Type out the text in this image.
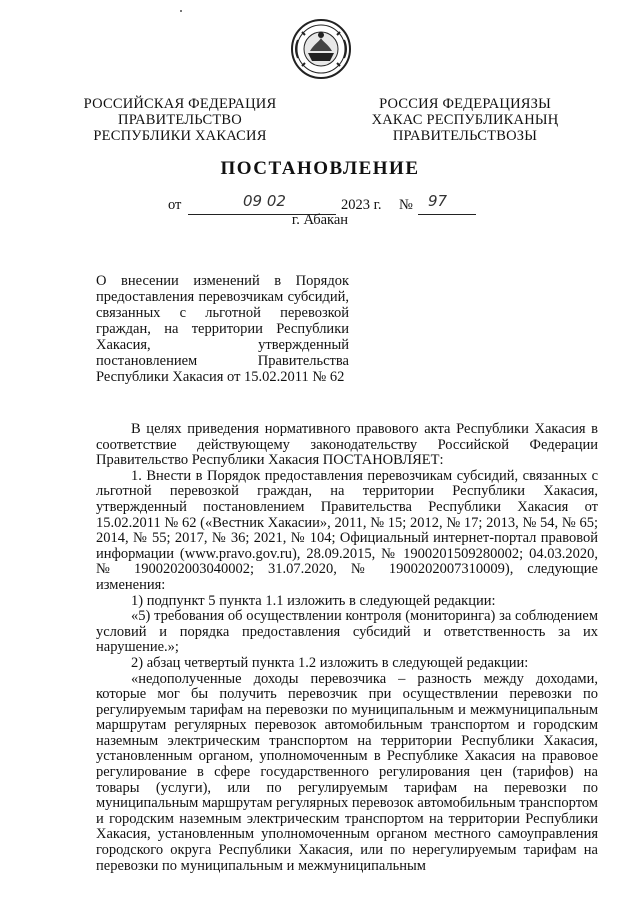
РОССИЙСКАЯ ФЕДЕРАЦИЯ

ПРАВИТЕЛЬСТВО

РЕСПУБЛИКИ ХАКАСИЯ

РОССИЯ ФЕДЕРАЦИЯЗЫ

ХАКАС РЕСПУБЛИКАНЫҢ

ПРАВИТЕЛЬСТВОЗЫ

ПОСТАНОВЛЕНИЕ
от	09 02	2023 г. № 97
г. Абакан

О внесении изменений в Порядок предоставления перевозчикам субсидий, связанных с льготной перевозкой граждан, на территории Республики Хакасия, утвержденный постановлением Правительства Республики Хакасия от 15.02.2011 № 62

В целях приведения нормативного правового акта Республики Хакасия в соответствие действующему законодательству Российской Федерации Правительство Республики Хакасия ПОСТАНОВЛЯЕТ:

1. Внести в Порядок предоставления перевозчикам субсидий, связанных с льготной перевозкой граждан, на территории Республики Хакасия, утвержденный постановлением Правительства Республики Хакасия от 15.02.2011 № 62 («Вестник Хакасии», 2011, № 15; 2012, № 17; 2013, № 54, № 65; 2014, № 55; 2017, № 36; 2021, № 104; Официальный интернет-портал правовой информации (www.pravo.gov.ru), 28.09.2015, № 1900201509280002; 04.03.2020, № 1900202003040002; 31.07.2020, № 1900202007310009), следующие изменения:

1) подпункт 5 пункта 1.1 изложить в следующей редакции:

«5) требования об осуществлении контроля (мониторинга) за соблюдением условий и порядка предоставления субсидий и ответственность за их нарушение.»;

2) абзац четвертый пункта 1.2 изложить в следующей редакции:

«недополученные доходы перевозчика – разность между доходами, которые мог бы получить перевозчик при осуществлении перевозки по регулируемым тарифам на перевозки по муниципальным и межмуниципальным маршрутам регулярных перевозок автомобильным транспортом и городским наземным электрическим транспортом на территории Республики Хакасия, установленным органом, уполномоченным в Республике Хакасия на правовое регулирование в сфере государственного регулирования цен (тарифов) на товары (услуги), или по регулируемым тарифам на перевозки по муниципальным маршрутам регулярных перевозок автомобильным транспортом и городским наземным электрическим транспортом на территории Республики Хакасия, установленным уполномоченным органом местного самоуправления городского округа Республики Хакасия, или по нерегулируемым тарифам на перевозки по муниципальным и межмуниципальным
